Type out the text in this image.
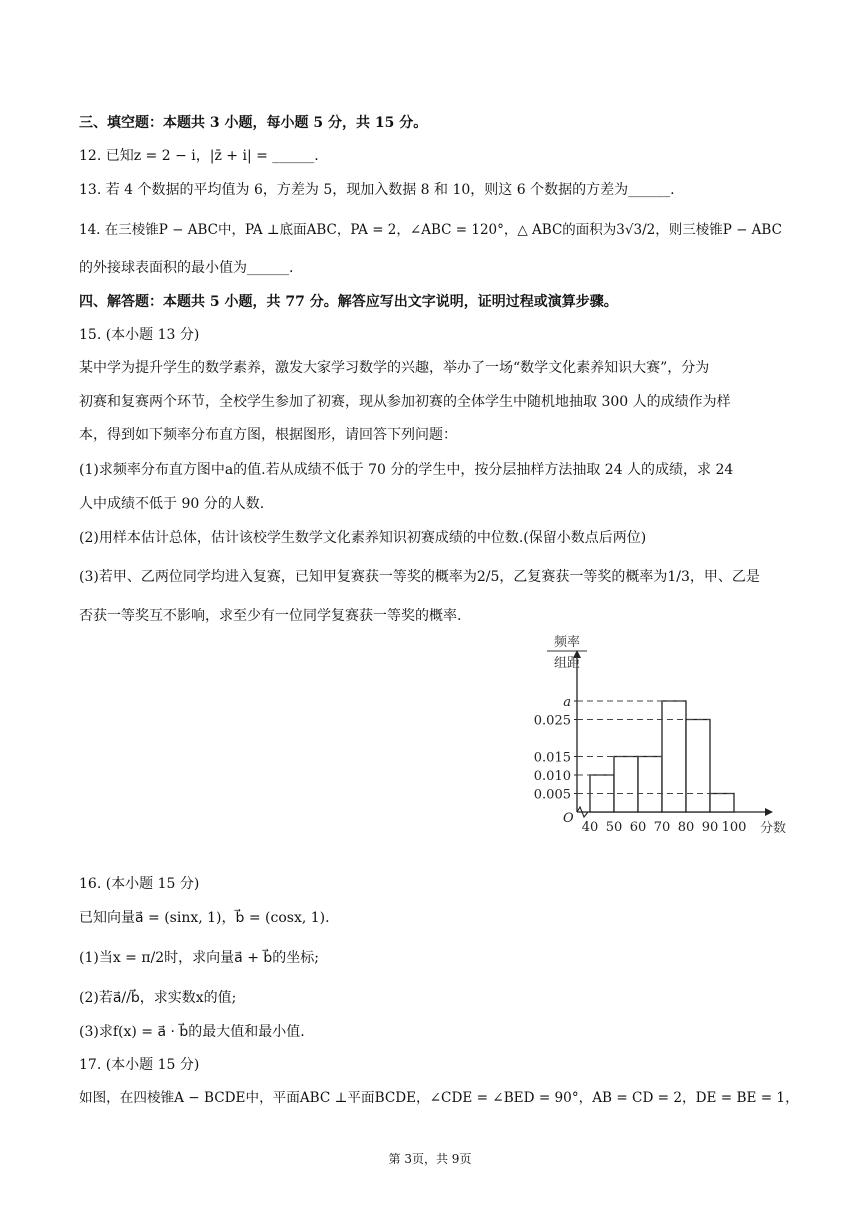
三、填空题：本题共 3 小题，每小题 5 分，共 15 分。
12. 已知z = 2 − i，|z̄ + i| = ______.
13. 若 4 个数据的平均值为 6，方差为 5，现加入数据 8 和 10，则这 6 个数据的方差为______.
14. 在三棱锥P − ABC中，PA ⊥底面ABC，PA = 2，∠ABC = 120°，△ ABC的面积为3√3/2，则三棱锥P − ABC
的外接球表面积的最小值为______.
四、解答题：本题共 5 小题，共 77 分。解答应写出文字说明，证明过程或演算步骤。
15. (本小题 13 分)
某中学为提升学生的数学素养，激发大家学习数学的兴趣，举办了一场“数学文化素养知识大赛”，分为
初赛和复赛两个环节，全校学生参加了初赛，现从参加初赛的全体学生中随机地抽取 300 人的成绩作为样
本，得到如下频率分布直方图，根据图形，请回答下列问题：
(1)求频率分布直方图中a的值.若从成绩不低于 70 分的学生中，按分层抽样方法抽取 24 人的成绩，求 24
人中成绩不低于 90 分的人数.
(2)用样本估计总体，估计该校学生数学文化素养知识初赛成绩的中位数.(保留小数点后两位)
(3)若甲、乙两位同学均进入复赛，已知甲复赛获一等奖的概率为2/5，乙复赛获一等奖的概率为1/3，甲、乙是
否获一等奖互不影响，求至少有一位同学复赛获一等奖的概率.
频率
组距
O
0.005
0.010
0.015
0.025
a
40 50 60 70 80 90 100 分数
16. (本小题 15 分)
已知向量a⃗ = (sinx, 1)，b⃗ = (cosx, 1).
(1)当x = π/2时，求向量a⃗ + b⃗的坐标;
(2)若a⃗//b⃗，求实数x的值;
(3)求f(x) = a⃗ · b⃗的最大值和最小值.
17. (本小题 15 分)
如图，在四棱锥A − BCDE中，平面ABC ⊥平面BCDE，∠CDE = ∠BED = 90°，AB = CD = 2，DE = BE = 1，
第 3页，共 9页
